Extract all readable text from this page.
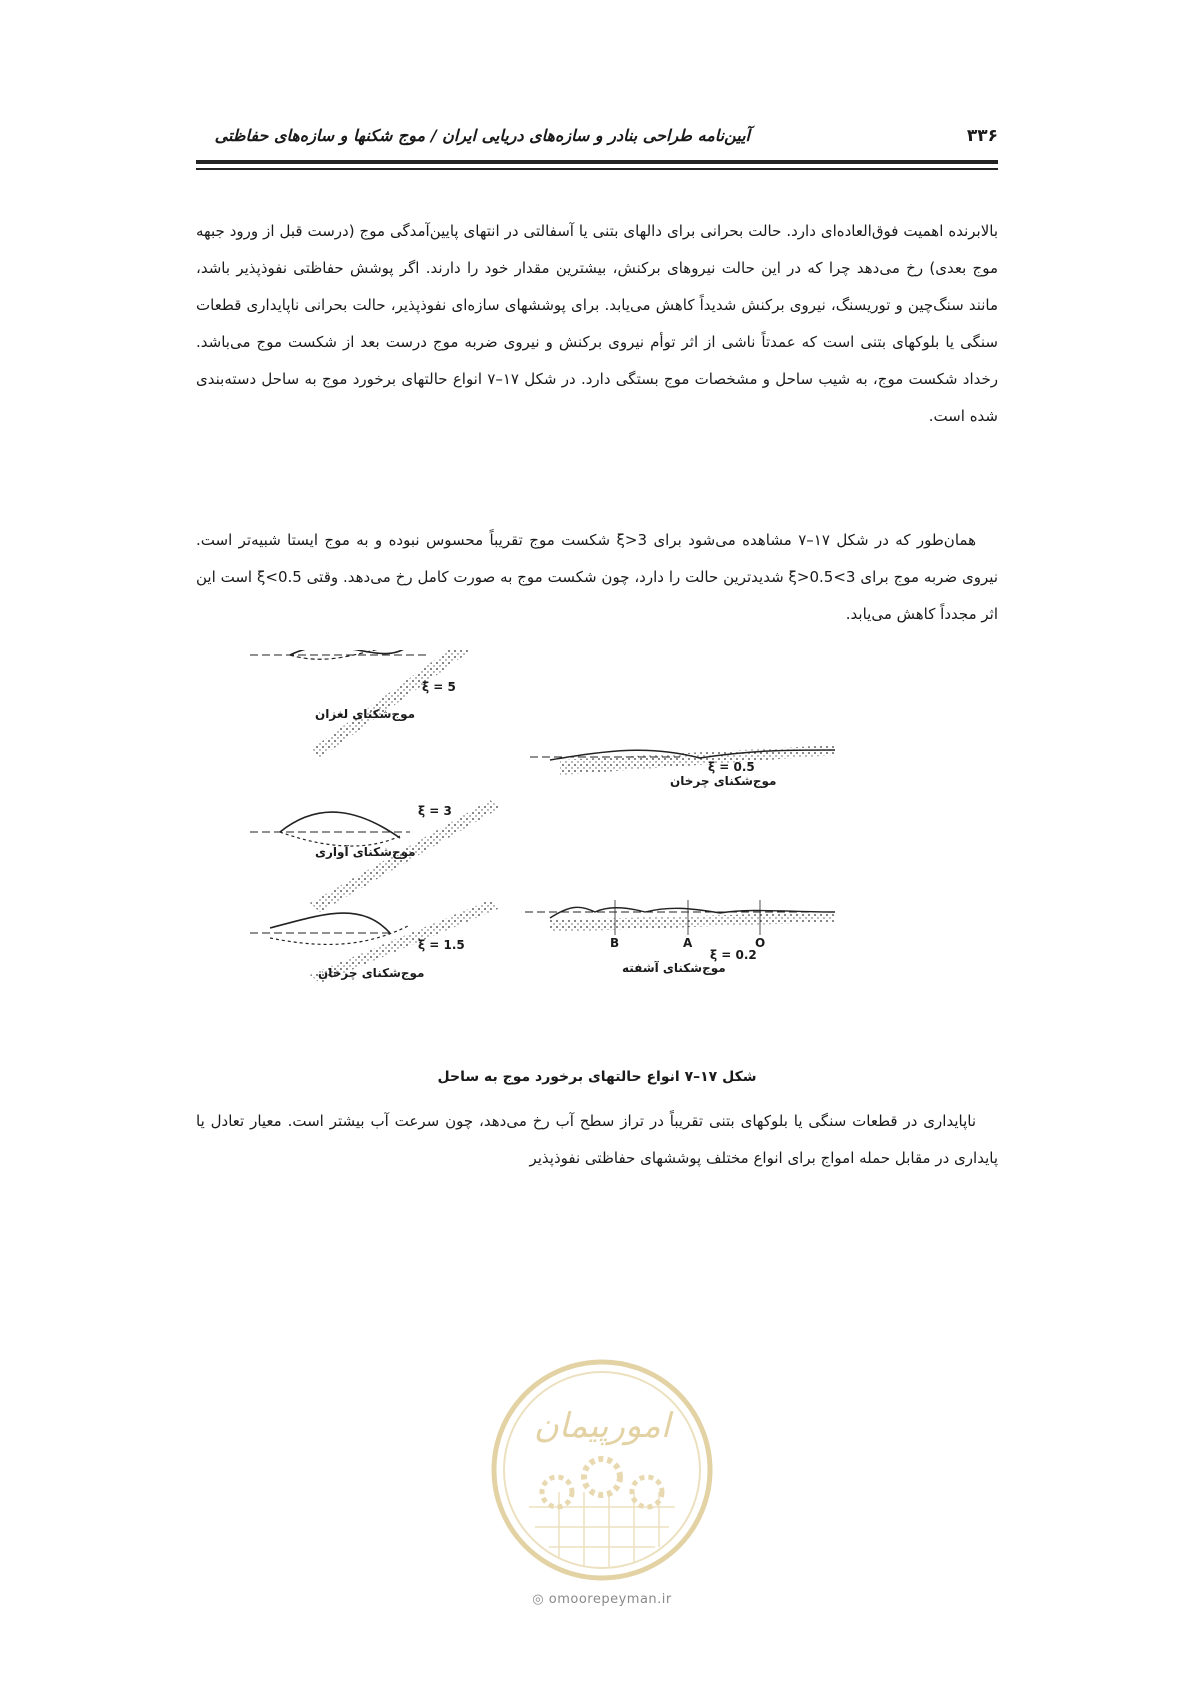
آیین‌نامه طراحی بنادر و سازه‌های دریایی ایران / موج شکنها و سازه‌های حفاظتی	۳۳۶

بالابرنده اهمیت فوق‌العاده‌ای دارد. حالت بحرانی برای دالهای بتنی یا آسفالتی در انتهای پایین‌آمدگی موج (درست قبل از ورود جبهه موج بعدی) رخ می‌دهد چرا که در این حالت نیروهای برکنش، بیشترین مقدار خود را دارند. اگر پوشش حفاظتی نفوذپذیر باشد، مانند سنگ‌چین و توریسنگ، نیروی برکنش شدیداً کاهش می‌یابد. برای پوششهای سازه‌ای نفوذپذیر، حالت بحرانی ناپایداری قطعات سنگی یا بلوکهای بتنی است که عمدتاً ناشی از اثر توأم نیروی برکنش و نیروی ضربه موج درست بعد از شکست موج می‌باشد. رخداد شکست موج، به شیب ساحل و مشخصات موج بستگی دارد. در شکل ۱۷–۷ انواع حالتهای برخورد موج به ساحل دسته‌بندی شده است.

همان‌طور که در شکل ۱۷–۷ مشاهده می‌شود برای 3<ξ شکست موج تقریباً محسوس نبوده و به موج ایستا شبیه‌تر است. نیروی ضربه موج برای 3>ξ>0.5 شدیدترین حالت را دارد، چون شکست موج به صورت کامل رخ می‌دهد. وقتی 0.5>ξ است این اثر مجدداً کاهش می‌یابد.

موج‌شکنای لغزان
ξ = 5
موج‌شکنای آواری
ξ = 3
موج‌شکنای چرخان
ξ = 1.5
موج‌شکنای چرخان
ξ = 0.5
موج‌شکنای آشفته
ξ = 0.2
B	A	O
شکل ۱۷–۷ انواع حالتهای برخورد موج به ساحل

ناپایداری در قطعات سنگی یا بلوکهای بتنی تقریباً در تراز سطح آب رخ می‌دهد، چون سرعت آب بیشتر است. معیار تعادل یا پایداری در مقابل حمله امواج برای انواع مختلف پوششهای حفاظتی نفوذپذیر

امورپیمان
◎ omoorepeyman.ir
